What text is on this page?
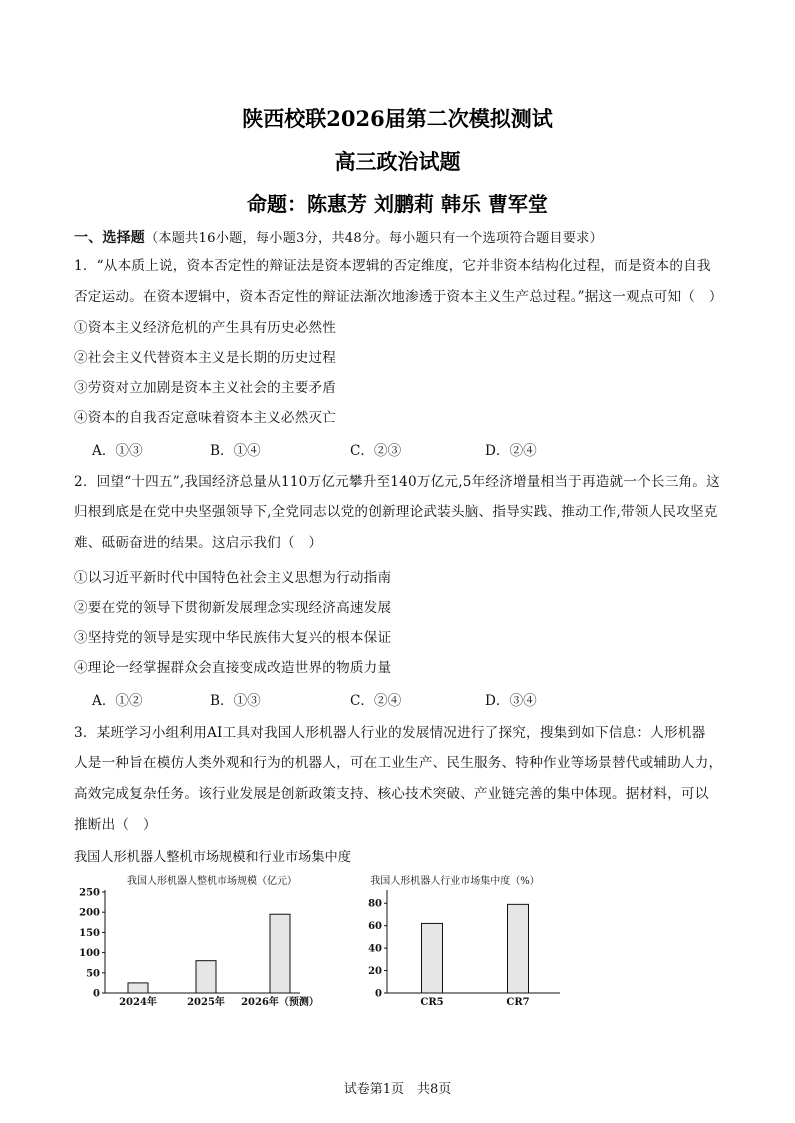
陕西校联2026届第二次模拟测试
高三政治试题
命题：陈惠芳 刘鹏莉 韩乐 曹军堂
一、选择题（本题共16小题，每小题3分，共48分。每小题只有一个选项符合题目要求）
1．“从本质上说，资本否定性的辩证法是资本逻辑的否定维度，它并非资本结构化过程，而是资本的自我
否定运动。在资本逻辑中，资本否定性的辩证法渐次地渗透于资本主义生产总过程。”据这一观点可知（　）
①资本主义经济危机的产生具有历史必然性
②社会主义代替资本主义是长期的历史过程
③劳资对立加剧是资本主义社会的主要矛盾
④资本的自我否定意味着资本主义必然灭亡
A．①③	B．①④	C．②③	D．②④
2．回望“十四五”,我国经济总量从110万亿元攀升至140万亿元,5年经济增量相当于再造就一个长三角。这
归根到底是在党中央坚强领导下,全党同志以党的创新理论武装头脑、指导实践、推动工作,带领人民攻坚克
难、砥砺奋进的结果。这启示我们（　）
①以习近平新时代中国特色社会主义思想为行动指南
②要在党的领导下贯彻新发展理念实现经济高速发展
③坚持党的领导是实现中华民族伟大复兴的根本保证
④理论一经掌握群众会直接变成改造世界的物质力量
A．①②	B．①③	C．②④	D．③④
3．某班学习小组利用AI工具对我国人形机器人行业的发展情况进行了探究，搜集到如下信息：人形机器
人是一种旨在模仿人类外观和行为的机器人，可在工业生产、民生服务、特种作业等场景替代或辅助人力，
高效完成复杂任务。该行业发展是创新政策支持、核心技术突破、产业链完善的集中体现。据材料，可以
推断出（　）
我国人形机器人整机市场规模和行业市场集中度
我国人形机器人整机市场规模（亿元）
0
50
100
150
200
250
2024年	2025年 2026年（预测）
我国人形机器人行业市场集中度（%）
0
20
40
60
80
CR5	CR7
试卷第1页　共8页
